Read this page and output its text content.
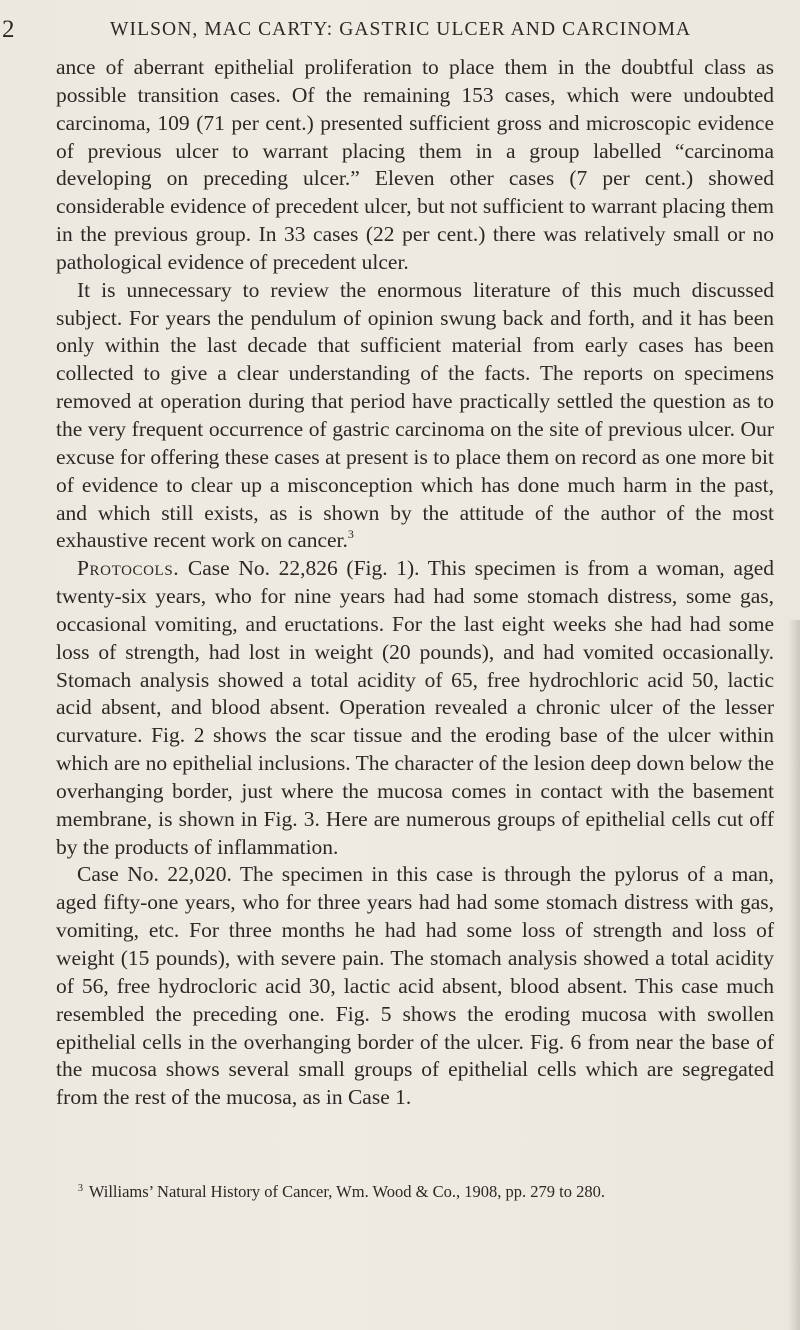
2	WILSON, MAC CARTY: GASTRIC ULCER AND CARCINOMA

ance of aberrant epithelial proliferation to place them in the doubtful class as possible transition cases. Of the remaining 153 cases, which were undoubted carcinoma, 109 (71 per cent.) presented sufficient gross and microscopic evidence of previous ulcer to warrant placing them in a group labelled “carcinoma developing on preceding ulcer.” Eleven other cases (7 per cent.) showed considerable evidence of precedent ulcer, but not sufficient to warrant placing them in the previous group. In 33 cases (22 per cent.) there was relatively small or no pathological evidence of precedent ulcer.

It is unnecessary to review the enormous literature of this much discussed subject. For years the pendulum of opinion swung back and forth, and it has been only within the last decade that sufficient material from early cases has been collected to give a clear understanding of the facts. The reports on specimens removed at operation during that period have practically settled the question as to the very frequent occurrence of gastric carcinoma on the site of previous ulcer. Our excuse for offering these cases at present is to place them on record as one more bit of evidence to clear up a misconception which has done much harm in the past, and which still exists, as is shown by the attitude of the author of the most exhaustive recent work on cancer.$^3$

Protocols. Case No. 22,826 (Fig. 1). This specimen is from a woman, aged twenty-six years, who for nine years had had some stomach distress, some gas, occasional vomiting, and eructations. For the last eight weeks she had had some loss of strength, had lost in weight (20 pounds), and had vomited occasionally. Stomach analysis showed a total acidity of 65, free hydrochloric acid 50, lactic acid absent, and blood absent. Operation revealed a chronic ulcer of the lesser curvature. Fig. 2 shows the scar tissue and the eroding base of the ulcer within which are no epithelial inclusions. The character of the lesion deep down below the overhanging border, just where the mucosa comes in contact with the basement membrane, is shown in Fig. 3. Here are numerous groups of epithelial cells cut off by the products of inflammation.

Case No. 22,020. The specimen in this case is through the pylorus of a man, aged fifty-one years, who for three years had had some stomach distress with gas, vomiting, etc. For three months he had had some loss of strength and loss of weight (15 pounds), with severe pain. The stomach analysis showed a total acidity of 56, free hydrocloric acid 30, lactic acid absent, blood absent. This case much resembled the preceding one. Fig. 5 shows the eroding mucosa with swollen epithelial cells in the overhanging border of the ulcer. Fig. 6 from near the base of the mucosa shows several small groups of epithelial cells which are segregated from the rest of the mucosa, as in Case 1.

$^3$ Williams’ Natural History of Cancer, Wm. Wood & Co., 1908, pp. 279 to 280.
